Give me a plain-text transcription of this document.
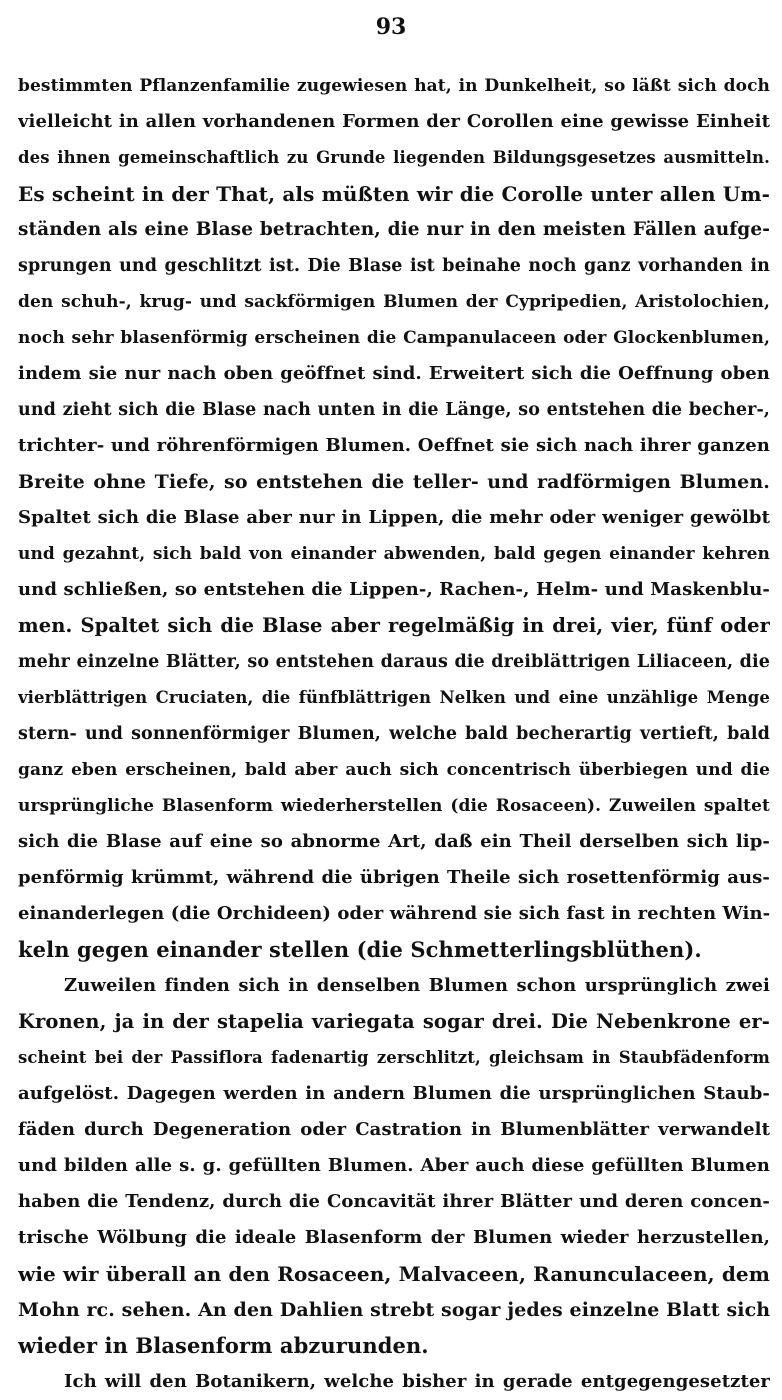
93
bestimmten Pflanzenfamilie zugewiesen hat, in Dunkelheit, so läßt sich doch
vielleicht in allen vorhandenen Formen der Corollen eine gewisse Einheit
des ihnen gemeinschaftlich zu Grunde liegenden Bildungsgesetzes ausmitteln.
Es scheint in der That, als müßten wir die Corolle unter allen Um-
ständen als eine Blase betrachten, die nur in den meisten Fällen aufge-
sprungen und geschlitzt ist. Die Blase ist beinahe noch ganz vorhanden in
den schuh-, krug- und sackförmigen Blumen der Cypripedien, Aristolochien,
noch sehr blasenförmig erscheinen die Campanulaceen oder Glockenblumen,
indem sie nur nach oben geöffnet sind. Erweitert sich die Oeffnung oben
und zieht sich die Blase nach unten in die Länge, so entstehen die becher-,
trichter- und röhrenförmigen Blumen. Oeffnet sie sich nach ihrer ganzen
Breite ohne Tiefe, so entstehen die teller- und radförmigen Blumen.
Spaltet sich die Blase aber nur in Lippen, die mehr oder weniger gewölbt
und gezahnt, sich bald von einander abwenden, bald gegen einander kehren
und schließen, so entstehen die Lippen-, Rachen-, Helm- und Maskenblu-
men. Spaltet sich die Blase aber regelmäßig in drei, vier, fünf oder
mehr einzelne Blätter, so entstehen daraus die dreiblättrigen Liliaceen, die
vierblättrigen Cruciaten, die fünfblättrigen Nelken und eine unzählige Menge
stern- und sonnenförmiger Blumen, welche bald becherartig vertieft, bald
ganz eben erscheinen, bald aber auch sich concentrisch überbiegen und die
ursprüngliche Blasenform wiederherstellen (die Rosaceen). Zuweilen spaltet
sich die Blase auf eine so abnorme Art, daß ein Theil derselben sich lip-
penförmig krümmt, während die übrigen Theile sich rosettenförmig aus-
einanderlegen (die Orchideen) oder während sie sich fast in rechten Win-
keln gegen einander stellen (die Schmetterlingsblüthen).
Zuweilen finden sich in denselben Blumen schon ursprünglich zwei
Kronen, ja in der stapelia variegata sogar drei. Die Nebenkrone er-
scheint bei der Passiflora fadenartig zerschlitzt, gleichsam in Staubfädenform
aufgelöst. Dagegen werden in andern Blumen die ursprünglichen Staub-
fäden durch Degeneration oder Castration in Blumenblätter verwandelt
und bilden alle s. g. gefüllten Blumen. Aber auch diese gefüllten Blumen
haben die Tendenz, durch die Concavität ihrer Blätter und deren concen-
trische Wölbung die ideale Blasenform der Blumen wieder herzustellen,
wie wir überall an den Rosaceen, Malvaceen, Ranunculaceen, dem
Mohn rc. sehen. An den Dahlien strebt sogar jedes einzelne Blatt sich
wieder in Blasenform abzurunden.
Ich will den Botanikern, welche bisher in gerade entgegengesetzter
